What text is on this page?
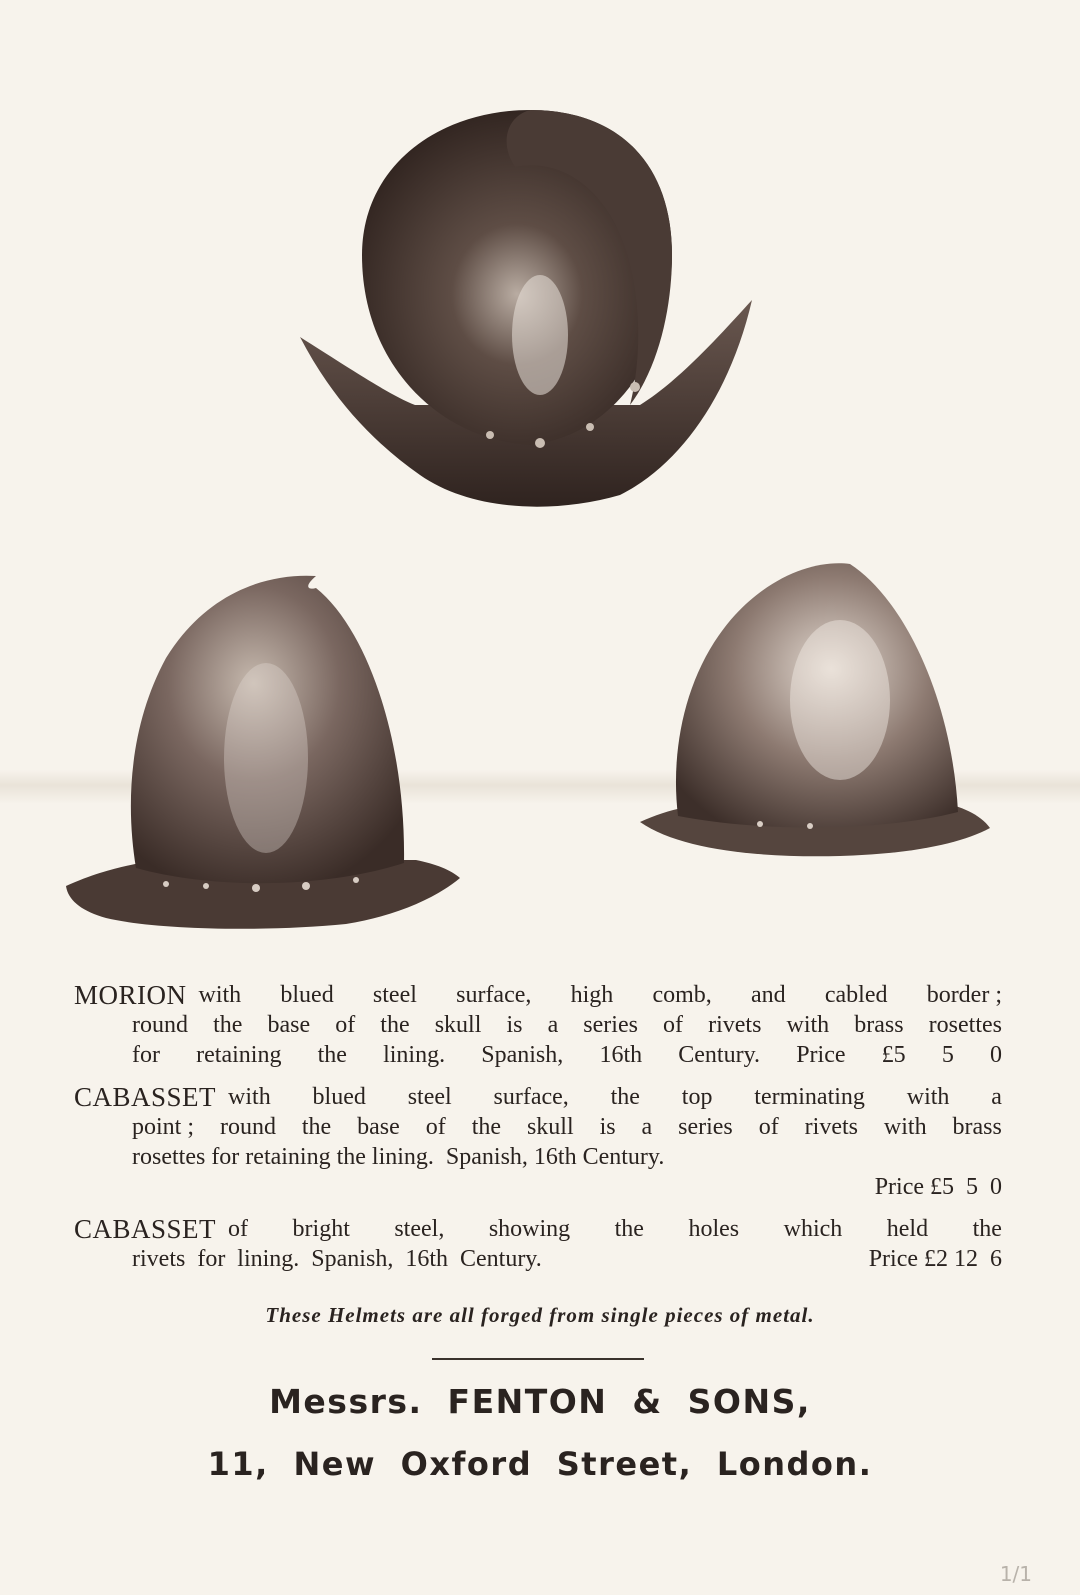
MORION with blued steel surface, high comb, and cabled border ;
round the base of the skull is a series of rivets with brass rosettes
for retaining the lining. Spanish, 16th Century. Price £5 5 0
CABASSET with blued steel surface, the top terminating with a
point ; round the base of the skull is a series of rivets with brass
rosettes for retaining the lining.  Spanish, 16th Century.
Price £5  5  0
CABASSET of bright steel, showing the holes which held the
rivets  for  lining.  Spanish,  16th  Century.	Price £2 12  6
These Helmets are all forged from single pieces of metal.
Messrs. FENTON & SONS,
11, New Oxford Street, London.
1/1
